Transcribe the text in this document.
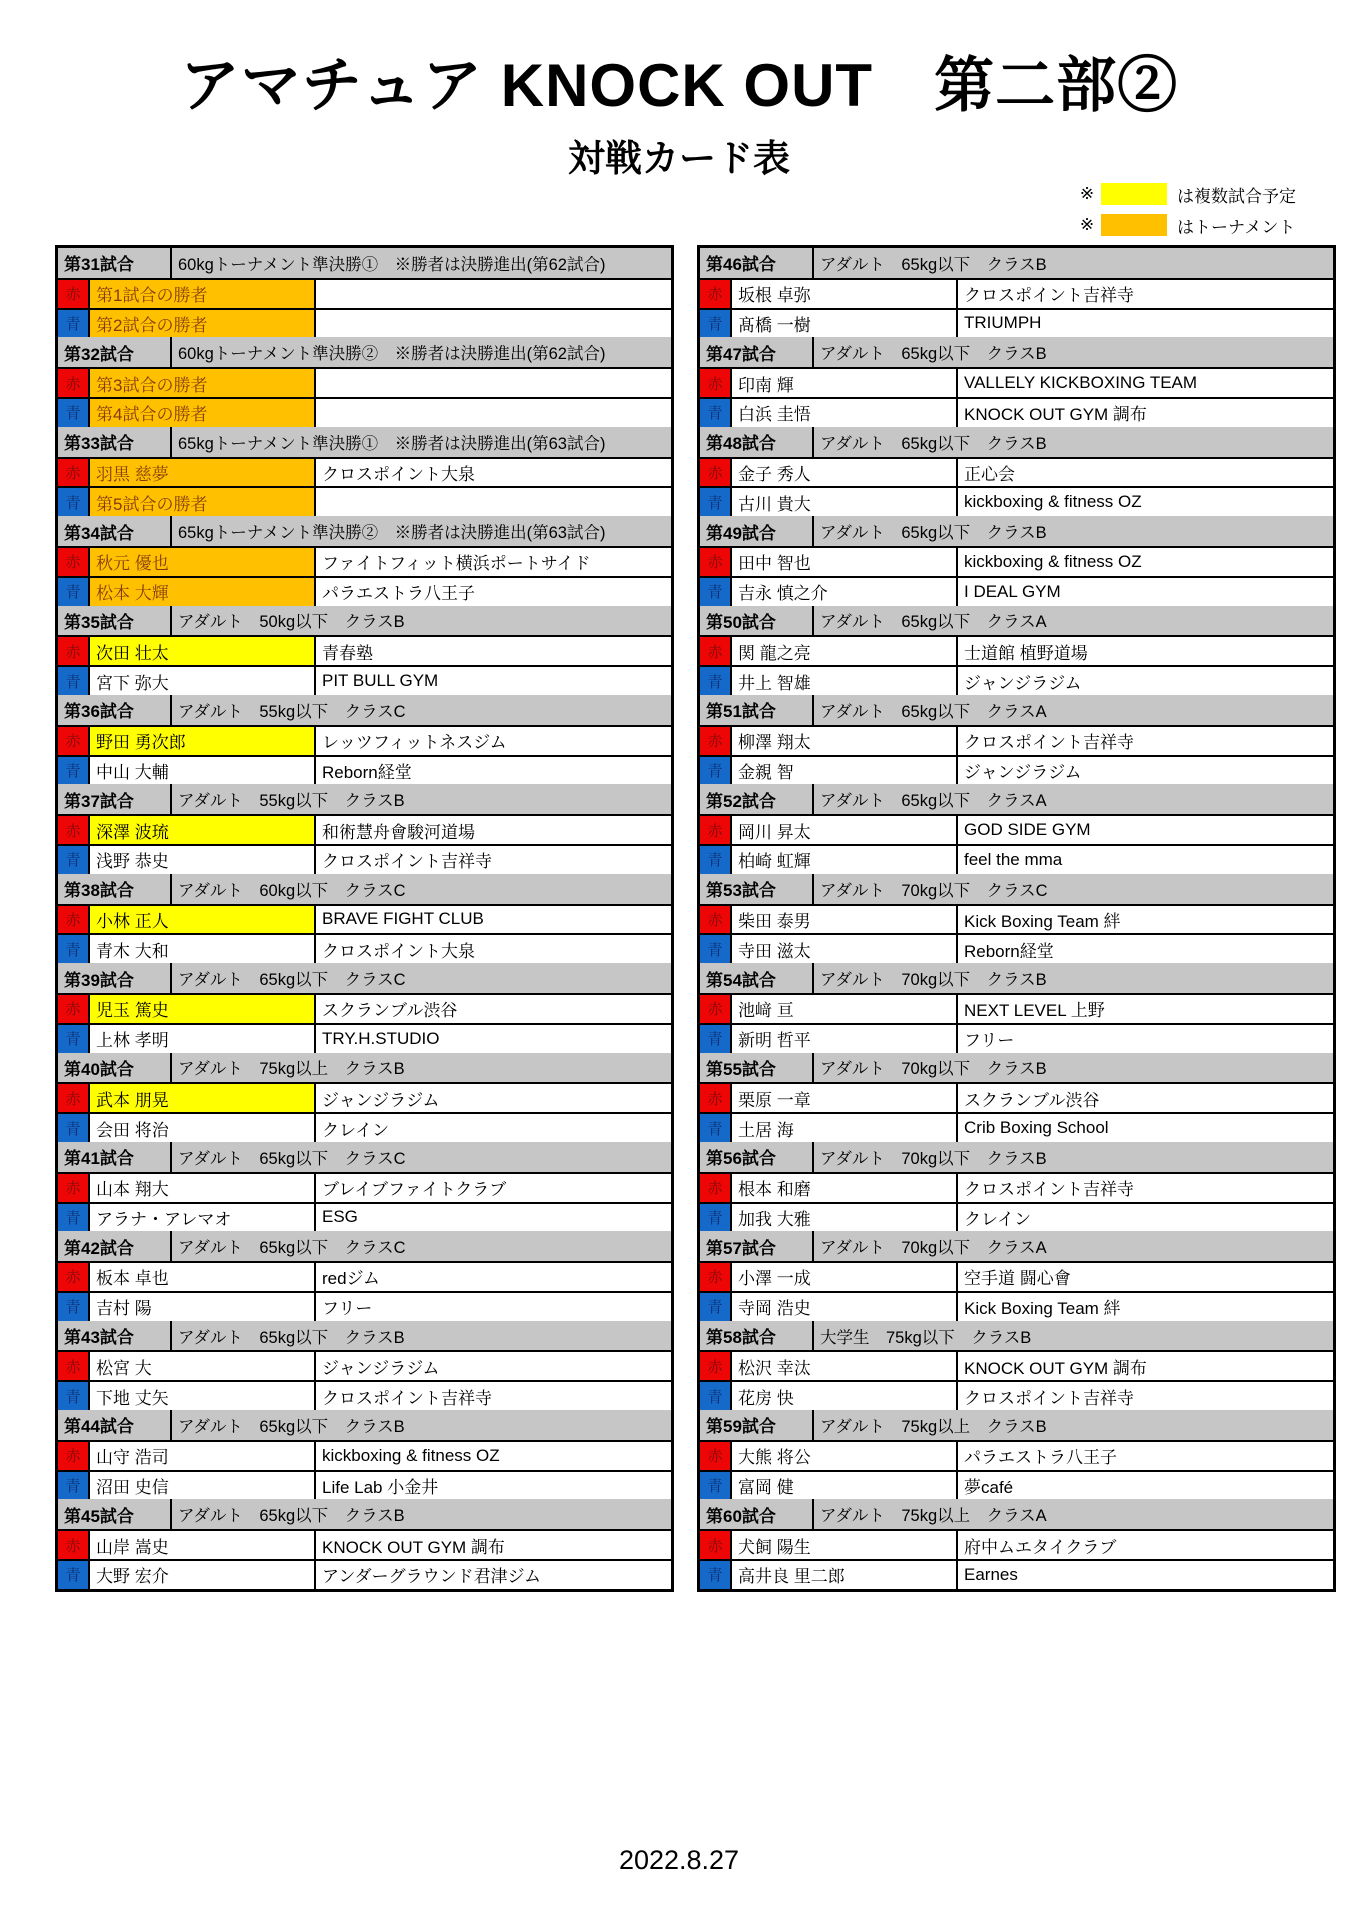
アマチュア KNOCK OUT　第二部②
対戦カード表
※	は複数試合予定
※	はトーナメント
第31試合	60kgトーナメント準決勝①　※勝者は決勝進出(第62試合)
赤 第1試合の勝者
青 第2試合の勝者
第32試合	60kgトーナメント準決勝②　※勝者は決勝進出(第62試合)
赤 第3試合の勝者
青 第4試合の勝者
第33試合	65kgトーナメント準決勝①　※勝者は決勝進出(第63試合)
赤 羽黒 慈夢	クロスポイント大泉
青 第5試合の勝者
第34試合	65kgトーナメント準決勝②　※勝者は決勝進出(第63試合)
赤 秋元 優也	ファイトフィット横浜ポートサイド
青 松本 大輝	パラエストラ八王子
第35試合	アダルト　50kg以下　クラスB
赤 次田 壮太	青春塾
青 宮下 弥大	PIT BULL GYM
第36試合	アダルト　55kg以下　クラスC
赤 野田 勇次郎	レッツフィットネスジム
青 中山 大輔	Reborn経堂
第37試合	アダルト　55kg以下　クラスB
赤 深澤 波琉	和術慧舟會駿河道場
青 浅野 恭史	クロスポイント吉祥寺
第38試合	アダルト　60kg以下　クラスC
赤 小林 正人	BRAVE FIGHT CLUB
青 青木 大和	クロスポイント大泉
第39試合	アダルト　65kg以下　クラスC
赤 児玉 篤史	スクランブル渋谷
青 上林 孝明	TRY.H.STUDIO
第40試合	アダルト　75kg以上　クラスB
赤 武本 朋晃	ジャンジラジム
青 会田 将治	クレイン
第41試合	アダルト　65kg以下　クラスC
赤 山本 翔大	ブレイブファイトクラブ
青 アラナ・アレマオ	ESG
第42試合	アダルト　65kg以下　クラスC
赤 板本 卓也	redジム
青 吉村 陽	フリー
第43試合	アダルト　65kg以下　クラスB
赤 松宮 大	ジャンジラジム
青 下地 丈矢	クロスポイント吉祥寺
第44試合	アダルト　65kg以下　クラスB
赤 山守 浩司	kickboxing & fitness OZ
青 沼田 史信	Life Lab 小金井
第45試合	アダルト　65kg以下　クラスB
赤 山岸 嵩史	KNOCK OUT GYM 調布
青 大野 宏介	アンダーグラウンド君津ジム
第46試合	アダルト　65kg以下　クラスB
赤 坂根 卓弥	クロスポイント吉祥寺
青 髙橋 一樹	TRIUMPH
第47試合	アダルト　65kg以下　クラスB
赤 印南 輝	VALLELY KICKBOXING TEAM
青 白浜 圭悟	KNOCK OUT GYM 調布
第48試合	アダルト　65kg以下　クラスB
赤 金子 秀人	正心会
青 古川 貴大	kickboxing & fitness OZ
第49試合	アダルト　65kg以下　クラスB
赤 田中 智也	kickboxing & fitness OZ
青 吉永 慎之介	I DEAL GYM
第50試合	アダルト　65kg以下　クラスA
赤 関 龍之亮	士道館 植野道場
青 井上 智雄	ジャンジラジム
第51試合	アダルト　65kg以下　クラスA
赤 柳澤 翔太	クロスポイント吉祥寺
青 金親 智	ジャンジラジム
第52試合	アダルト　65kg以下　クラスA
赤 岡川 昇太	GOD SIDE GYM
青 柏崎 虹輝	feel the mma
第53試合	アダルト　70kg以下　クラスC
赤 柴田 泰男	Kick Boxing Team 絆
青 寺田 滋太	Reborn経堂
第54試合	アダルト　70kg以下　クラスB
赤 池﨑 亘	NEXT LEVEL 上野
青 新明 哲平	フリー
第55試合	アダルト　70kg以下　クラスB
赤 栗原 一章	スクランブル渋谷
青 土居 海	Crib Boxing School
第56試合	アダルト　70kg以下　クラスB
赤 根本 和磨	クロスポイント吉祥寺
青 加我 大雅	クレイン
第57試合	アダルト　70kg以下　クラスA
赤 小澤 一成	空手道 闘心會
青 寺岡 浩史	Kick Boxing Team 絆
第58試合	大学生　75kg以下　クラスB
赤 松沢 幸汰	KNOCK OUT GYM 調布
青 花房 快	クロスポイント吉祥寺
第59試合	アダルト　75kg以上　クラスB
赤 大熊 将公	パラエストラ八王子
青 富岡 健	夢café
第60試合	アダルト　75kg以上　クラスA
赤 犬飼 陽生	府中ムエタイクラブ
青 高井良 里二郎	Earnes
2022.8.27
